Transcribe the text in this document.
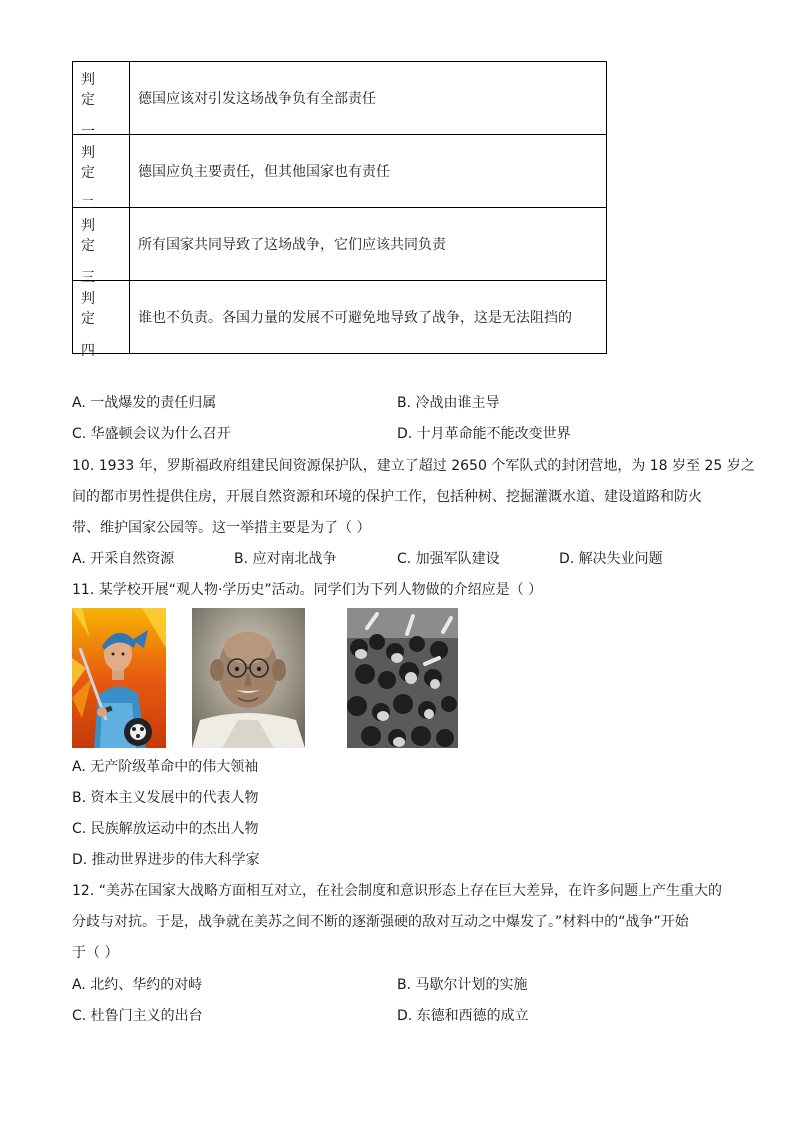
判定
一	德国应该对引发这场战争负有全部责任

判定
二	德国应负主要责任，但其他国家也有责任

判定
三	所有国家共同导致了这场战争，它们应该共同负责

判定
四	谁也不负责。各国力量的发展不可避免地导致了战争，这是无法阻挡的
A. 一战爆发的责任归属	B. 冷战由谁主导
C. 华盛顿会议为什么召开	D. 十月革命能不能改变世界
10. 1933 年，罗斯福政府组建民间资源保护队，建立了超过 2650 个军队式的封闭营地，为 18 岁至 25 岁之
间的都市男性提供住房，开展自然资源和环境的保护工作，包括种树、挖掘灌溉水道、建设道路和防火
带、维护国家公园等。这一举措主要是为了（ ）
A. 开采自然资源	B. 应对南北战争	C. 加强军队建设	D. 解决失业问题
11. 某学校开展“观人物·学历史”活动。同学们为下列人物做的介绍应是（ ）
A. 无产阶级革命中的伟大领袖
B. 资本主义发展中的代表人物
C. 民族解放运动中的杰出人物
D. 推动世界进步的伟大科学家
12. “美苏在国家大战略方面相互对立，在社会制度和意识形态上存在巨大差异，在许多问题上产生重大的
分歧与对抗。于是，战争就在美苏之间不断的逐渐强硬的敌对互动之中爆发了。”材料中的“战争”开始
于（ ）
A. 北约、华约的对峙	B. 马歇尔计划的实施
C. 杜鲁门主义的出台	D. 东德和西德的成立
